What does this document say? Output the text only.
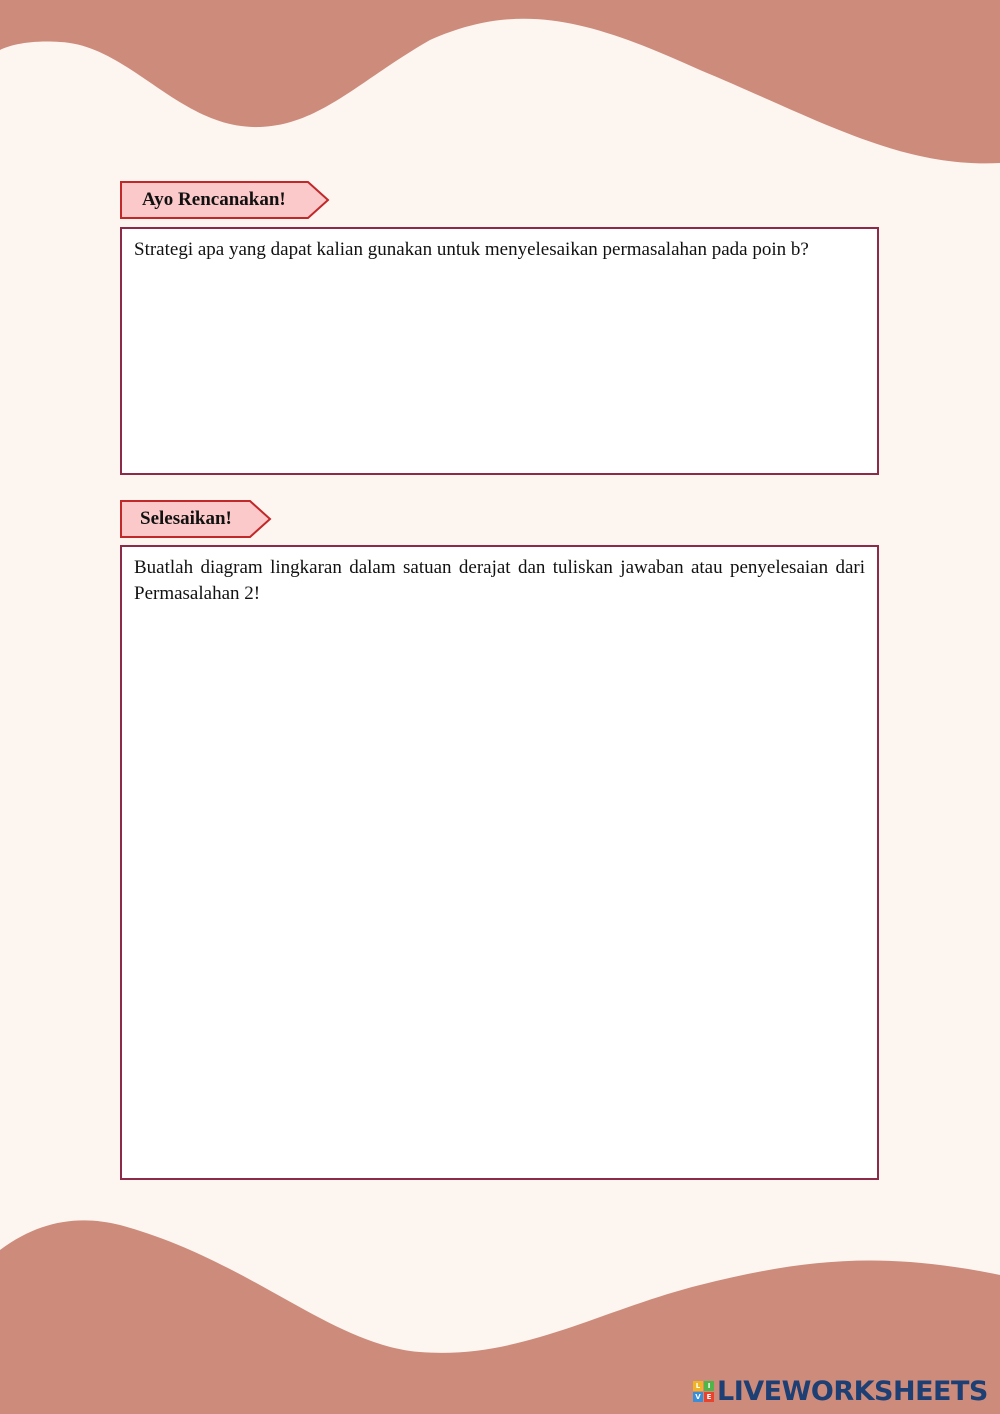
Ayo Rencanakan!

Strategi apa yang dapat kalian gunakan untuk menyelesaikan permasalahan pada poin b?

Selesaikan!

Buatlah diagram lingkaran dalam satuan derajat dan tuliskan jawaban atau penyelesaian dari Permasalahan 2!

L	I
V E LIVEWORKSHEETS
